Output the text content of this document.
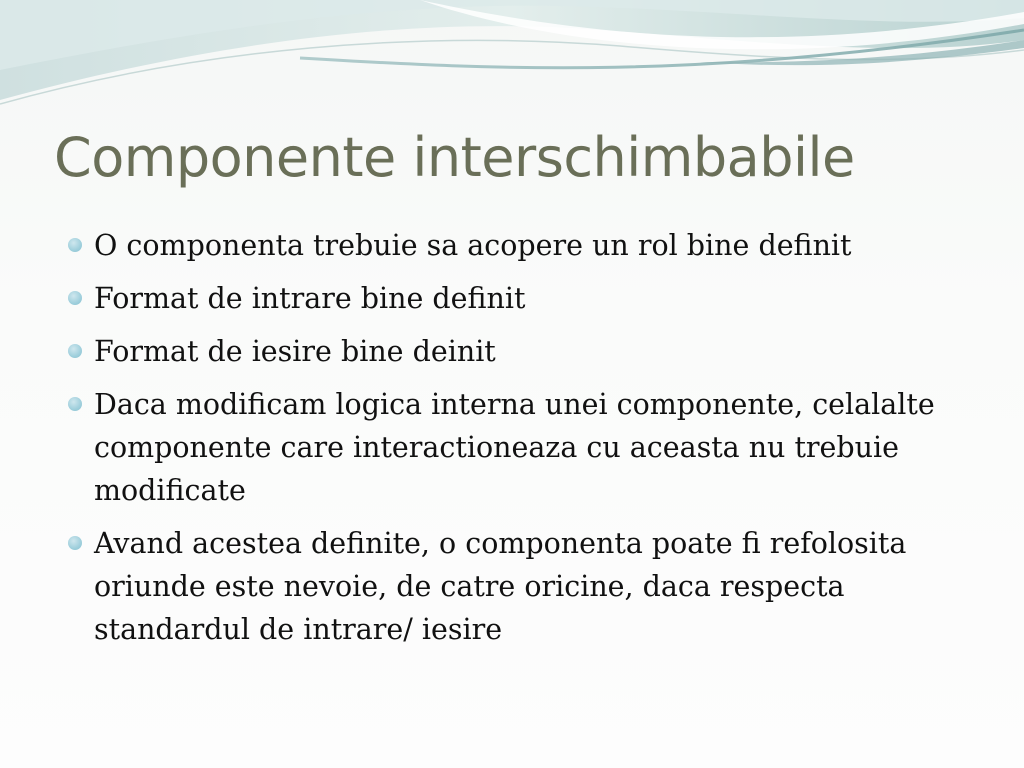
Componente interschimbabile
O componenta trebuie sa acopere un rol bine definit
Format de intrare bine definit
Format de iesire bine deinit
Daca modificam logica interna unei componente, celalalte componente care interactioneaza cu aceasta nu trebuie modificate
Avand acestea definite, o componenta poate fi refolosita oriunde este nevoie, de catre oricine, daca respecta standardul de intrare/ iesire
